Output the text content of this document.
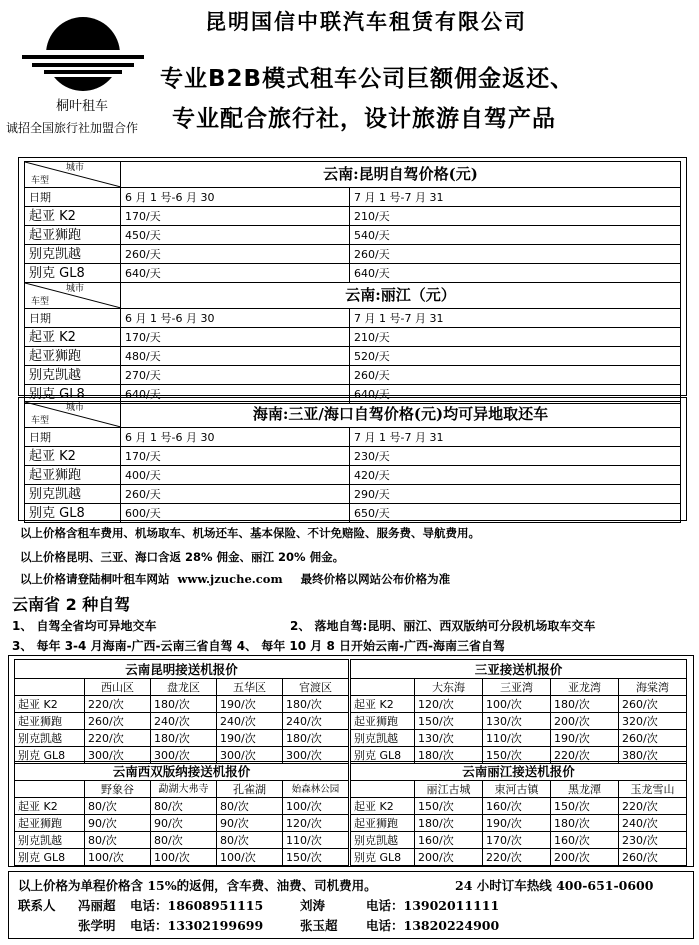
桐叶租车
诚招全国旅行社加盟合作
昆明国信中联汽车租赁有限公司
专业B2B模式租车公司巨额佣金返还、
专业配合旅行社，设计旅游自驾产品
城市
车型	云南:昆明自驾价格(元)	
日期	6 月 1 号-6 月 30	7 月 1 号-7 月 31
起亚 K2	170/天	210/天
起亚狮跑	450/天	540/天
别克凯越	260/天	260/天
别克 GL8	640/天	640/天

城市
车型	云南:丽江（元）	
日期	6 月 1 号-6 月 30	7 月 1 号-7 月 31
起亚 K2	170/天	210/天
起亚狮跑	480/天	520/天
别克凯越	270/天	260/天
别克 GL8	640/天	640/天
城市
车型	海南:三亚/海口自驾价格(元)均可异地取还车	
日期	6 月 1 号-6 月 30	7 月 1 号-7 月 31
起亚 K2	170/天	230/天
起亚狮跑	400/天	420/天
别克凯越	260/天	290/天
别克 GL8	600/天	650/天
以上价格含租车费用、机场取车、机场还车、基本保险、不计免赔险、服务费、导航费用。
以上价格昆明、三亚、海口含返 28% 佣金、丽江 20% 佣金。
以上价格请登陆桐叶租车网站 www.jzuche.com 最终价格以网站公布价格为准
云南省 2 种自驾
1、 自驾全省均可异地交车	2、 落地自驾:昆明、丽江、西双版纳可分段机场取车交车
3、 每年 3-4 月海南-广西-云南三省自驾 4、 每年 10 月 8 日开始云南-广西-海南三省自驾
云南昆明接送机报价				
	西山区	盘龙区	五华区	官渡区
起亚 K2	220/次	180/次	190/次	180/次
起亚狮跑	260/次	240/次	240/次	240/次
别克凯越	220/次	180/次	190/次	180/次
别克 GL8	300/次	300/次	300/次	300/次
三亚接送机报价				
	大东海	三亚湾	亚龙湾	海棠湾
起亚 K2	120/次	100/次	180/次	260/次
起亚狮跑	150/次	130/次	200/次	320/次
别克凯越	130/次	110/次	190/次	260/次
别克 GL8	180/次	150/次	220/次	380/次
云南西双版纳接送机报价				
	野象谷	勐湖大弗寺	孔雀湖	始森林公园
起亚 K2	80/次	80/次	80/次	100/次
起亚狮跑	90/次	90/次	90/次	120/次
别克凯越	80/次	80/次	80/次	110/次
别克 GL8	100/次	100/次	100/次	150/次
云南丽江接送机报价				
	丽江古城	束河古镇	黑龙潭	玉龙雪山
起亚 K2	150/次	160/次	150/次	220/次
起亚狮跑	180/次	190/次	180/次	240/次
别克凯越	160/次	170/次	160/次	230/次
别克 GL8	200/次	220/次	200/次	260/次
以上价格为单程价格含 15%的返佣，含车费、油费、司机费用。	24 小时订车热线 400-651-0600
联系人 冯丽超 电话：18608951115	刘涛	电话：13902011111
张学明 电话：13302199699	张玉超 电话：13820224900
